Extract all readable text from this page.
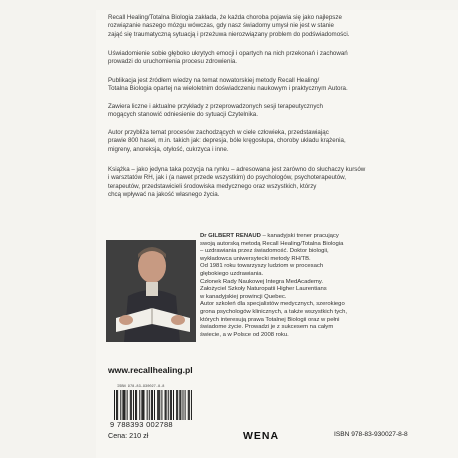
Recall Healing/Totalna Biologia zakłada, że każda choroba pojawia się jako najlepsze
rozwiązanie naszego mózgu wówczas, gdy nasz świadomy umysł nie jest w stanie
zająć się traumatyczną sytuacją i przeżuwa nierozwiązany problem do podświadomości.

Uświadomienie sobie głęboko ukrytych emocji i opartych na nich przekonań i zachowań
prowadzi do uruchomienia procesu zdrowienia.

Publikacja jest źródłem wiedzy na temat nowatorskiej metody Recall Healing/
Totalna Biologia opartej na wieloletnim doświadczeniu naukowym i praktycznym Autora.

Zawiera liczne i aktualne przykłady z przeprowadzonych sesji terapeutycznych
mogących stanowić odniesienie do sytuacji Czytelnika.

Autor przybliża temat procesów zachodzących w ciele człowieka, przedstawiając
prawie 800 haseł, m.in. takich jak: depresja, bóle kręgosłupa, choroby układu krążenia,
migreny, anoreksja, otyłość, cukrzyca i inne.

Książka – jako jedyna taka pozycja na rynku – adresowana jest zarówno do słuchaczy kursów
i warsztatów RH, jak i (a nawet przede wszystkim) do psychologów, psychoterapeutów,
terapeutów, przedstawicieli środowiska medycznego oraz wszystkich, którzy
chcą wpływać na jakość własnego życia.

Dr GILBERT RENAUD – kanadyjski trener pracujący
swoją autorską metodą Recall Healing/Totalna Biologia
– uzdrawiania przez świadomość. Doktor biologii,
wykładowca uniwersytecki metody RH/TB.
Od 1981 roku towarzyszy ludziom w procesach
głębokiego uzdrawiania.
Członek Rady Naukowej Integra MedAcademy.
Założyciel Szkoły Naturopatii Higher Laurentians
w kanadyjskiej prowincji Quebec.
Autor szkoleń dla specjalistów medycznych, szerokiego
grona psychologów klinicznych, a także wszystkich tych,
których interesują prawa Totalnej Biologii oraz w pełni
świadome życie. Prowadzi je z sukcesem na całym
świecie, a w Polsce od 2008 roku.

www.recallhealing.pl
ISBN 978-83-930027-8-8
9 788393 002788
Cena: 210 zł	WENA	ISBN 978-83-930027-8-8
